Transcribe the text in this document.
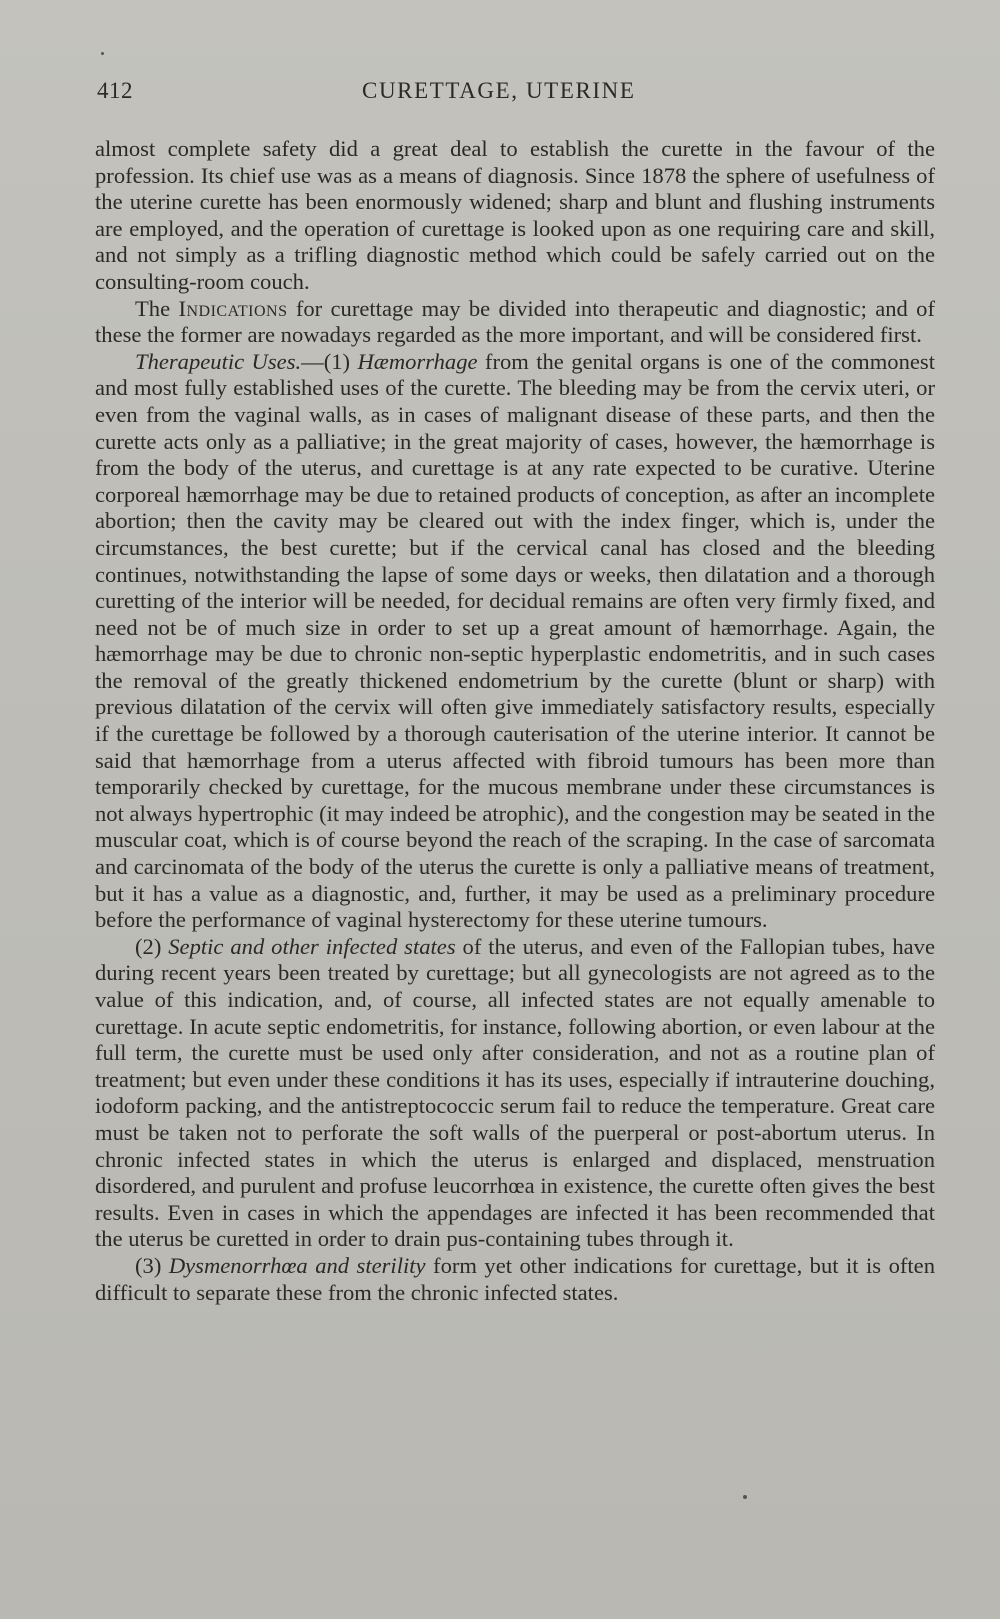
412	CURETTAGE, UTERINE

almost complete safety did a great deal to establish the curette in the favour of the profession. Its chief use was as a means of diagnosis. Since 1878 the sphere of usefulness of the uterine curette has been enormously widened; sharp and blunt and flushing instruments are employed, and the operation of curettage is looked upon as one requiring care and skill, and not simply as a trifling diagnostic method which could be safely carried out on the consulting-room couch.

The Indications for curettage may be divided into therapeutic and diagnostic; and of these the former are nowadays regarded as the more important, and will be considered first.

Therapeutic Uses.—(1) Hæmorrhage from the genital organs is one of the commonest and most fully established uses of the curette. The bleeding may be from the cervix uteri, or even from the vaginal walls, as in cases of malignant disease of these parts, and then the curette acts only as a palliative; in the great majority of cases, however, the hæmorrhage is from the body of the uterus, and curettage is at any rate expected to be curative. Uterine corporeal hæmorrhage may be due to retained products of conception, as after an incomplete abortion; then the cavity may be cleared out with the index finger, which is, under the circumstances, the best curette; but if the cervical canal has closed and the bleeding continues, notwithstanding the lapse of some days or weeks, then dilatation and a thorough curetting of the interior will be needed, for decidual remains are often very firmly fixed, and need not be of much size in order to set up a great amount of hæmorrhage. Again, the hæmorrhage may be due to chronic non-septic hyperplastic endometritis, and in such cases the removal of the greatly thickened endometrium by the curette (blunt or sharp) with previous dilatation of the cervix will often give immediately satisfactory results, especially if the curettage be followed by a thorough cauterisation of the uterine interior. It cannot be said that hæmorrhage from a uterus affected with fibroid tumours has been more than temporarily checked by curettage, for the mucous membrane under these circumstances is not always hypertrophic (it may indeed be atrophic), and the congestion may be seated in the muscular coat, which is of course beyond the reach of the scraping. In the case of sarcomata and carcinomata of the body of the uterus the curette is only a palliative means of treatment, but it has a value as a diagnostic, and, further, it may be used as a preliminary procedure before the performance of vaginal hysterectomy for these uterine tumours.

(2) Septic and other infected states of the uterus, and even of the Fallopian tubes, have during recent years been treated by curettage; but all gynecologists are not agreed as to the value of this indication, and, of course, all infected states are not equally amenable to curettage. In acute septic endometritis, for instance, following abortion, or even labour at the full term, the curette must be used only after consideration, and not as a routine plan of treatment; but even under these conditions it has its uses, especially if intrauterine douching, iodoform packing, and the antistreptococcic serum fail to reduce the temperature. Great care must be taken not to perforate the soft walls of the puerperal or post-abortum uterus. In chronic infected states in which the uterus is enlarged and displaced, menstruation disordered, and purulent and profuse leucorrhœa in existence, the curette often gives the best results. Even in cases in which the appendages are infected it has been recommended that the uterus be curetted in order to drain pus-containing tubes through it.

(3) Dysmenorrhœa and sterility form yet other indications for curettage, but it is often difficult to separate these from the chronic infected states.
